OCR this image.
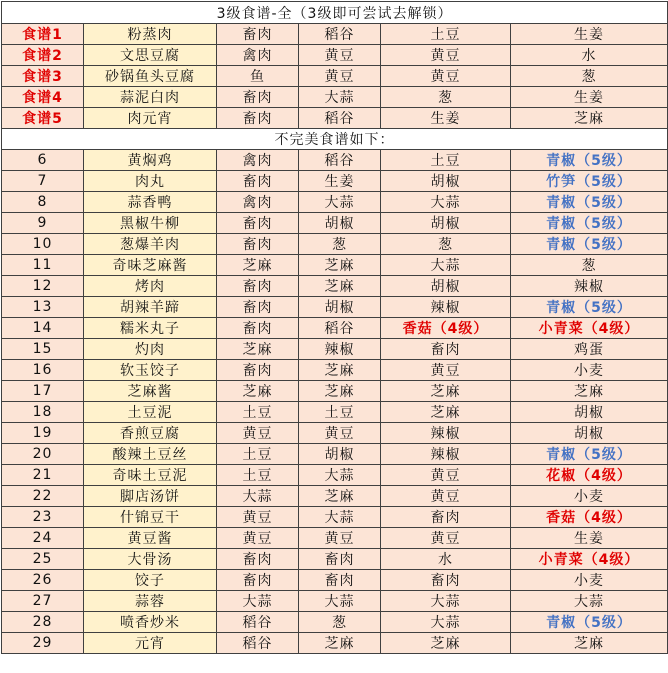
3级食谱-全（3级即可尝试去解锁）					
食谱1	粉蒸肉	畜肉	稻谷	土豆	生姜
食谱2	文思豆腐	禽肉	黄豆	黄豆	水
食谱3	砂锅鱼头豆腐	鱼	黄豆	黄豆	葱
食谱4	蒜泥白肉	畜肉	大蒜	葱	生姜
食谱5	肉元宵	畜肉	稻谷	生姜	芝麻
不完美食谱如下：					
6	黄焖鸡	禽肉	稻谷	土豆	青椒（5级）
7	肉丸	畜肉	生姜	胡椒	竹笋（5级）
8	蒜香鸭	禽肉	大蒜	大蒜	青椒（5级）
9	黑椒牛柳	畜肉	胡椒	胡椒	青椒（5级）
10	葱爆羊肉	畜肉	葱	葱	青椒（5级）
11	奇味芝麻酱	芝麻	芝麻	大蒜	葱
12	烤肉	畜肉	芝麻	胡椒	辣椒
13	胡辣羊蹄	畜肉	胡椒	辣椒	青椒（5级）
14	糯米丸子	畜肉	稻谷	香菇（4级）	小青菜（4级）
15	灼肉	芝麻	辣椒	畜肉	鸡蛋
16	软玉饺子	畜肉	芝麻	黄豆	小麦
17	芝麻酱	芝麻	芝麻	芝麻	芝麻
18	土豆泥	土豆	土豆	芝麻	胡椒
19	香煎豆腐	黄豆	黄豆	辣椒	胡椒
20	酸辣土豆丝	土豆	胡椒	辣椒	青椒（5级）
21	奇味土豆泥	土豆	大蒜	黄豆	花椒（4级）
22	脚店汤饼	大蒜	芝麻	黄豆	小麦
23	什锦豆干	黄豆	大蒜	畜肉	香菇（4级）
24	黄豆酱	黄豆	黄豆	黄豆	生姜
25	大骨汤	畜肉	畜肉	水	小青菜（4级）
26	饺子	畜肉	畜肉	畜肉	小麦
27	蒜蓉	大蒜	大蒜	大蒜	大蒜
28	喷香炒米	稻谷	葱	大蒜	青椒（5级）
29	元宵	稻谷	芝麻	芝麻	芝麻
